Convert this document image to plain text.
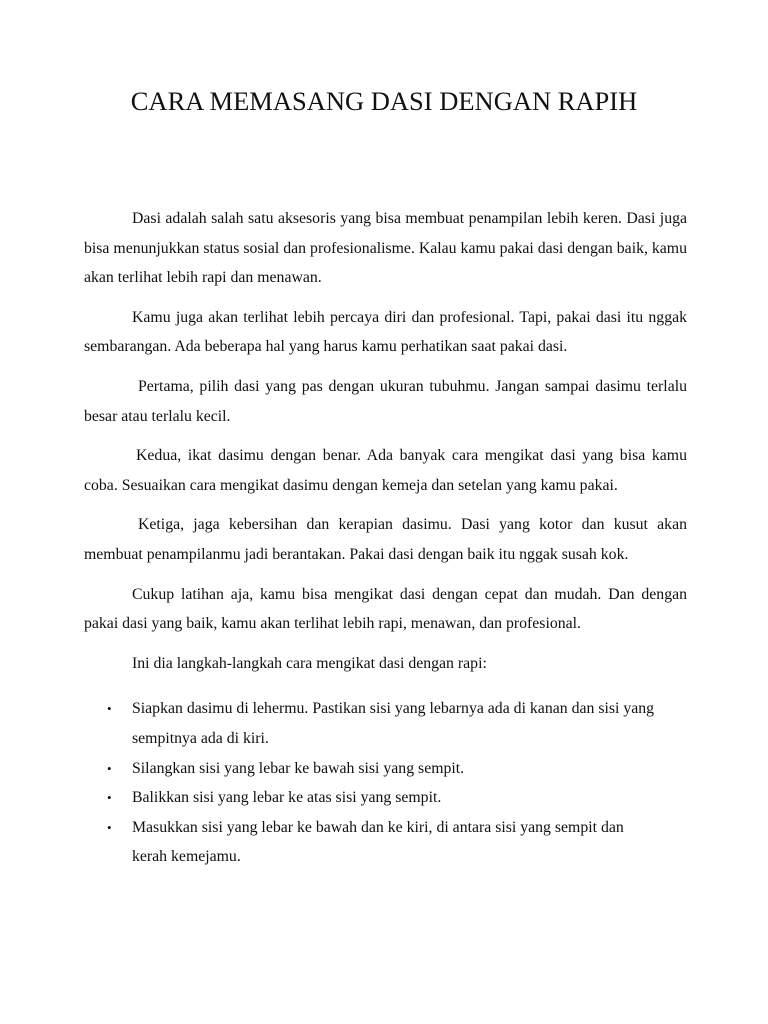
CARA MEMASANG DASI DENGAN RAPIH

Dasi adalah salah satu aksesoris yang bisa membuat penampilan lebih keren. Dasi juga bisa menunjukkan status sosial dan profesionalisme. Kalau kamu pakai dasi dengan baik, kamu akan terlihat lebih rapi dan menawan.

Kamu juga akan terlihat lebih percaya diri dan profesional. Tapi, pakai dasi itu nggak sembarangan. Ada beberapa hal yang harus kamu perhatikan saat pakai dasi.

Pertama, pilih dasi yang pas dengan ukuran tubuhmu. Jangan sampai dasimu terlalu besar atau terlalu kecil.

Kedua, ikat dasimu dengan benar. Ada banyak cara mengikat dasi yang bisa kamu coba. Sesuaikan cara mengikat dasimu dengan kemeja dan setelan yang kamu pakai.

Ketiga, jaga kebersihan dan kerapian dasimu. Dasi yang kotor dan kusut akan membuat penampilanmu jadi berantakan. Pakai dasi dengan baik itu nggak susah kok.

Cukup latihan aja, kamu bisa mengikat dasi dengan cepat dan mudah. Dan dengan pakai dasi yang baik, kamu akan terlihat lebih rapi, menawan, dan profesional.

Ini dia langkah-langkah cara mengikat dasi dengan rapi:

• Siapkan dasimu di lehermu. Pastikan sisi yang lebarnya ada di kanan dan sisi yang sempitnya ada di kiri.
• Silangkan sisi yang lebar ke bawah sisi yang sempit.
• Balikkan sisi yang lebar ke atas sisi yang sempit.
• Masukkan sisi yang lebar ke bawah dan ke kiri, di antara sisi yang sempit dan kerah kemejamu.
